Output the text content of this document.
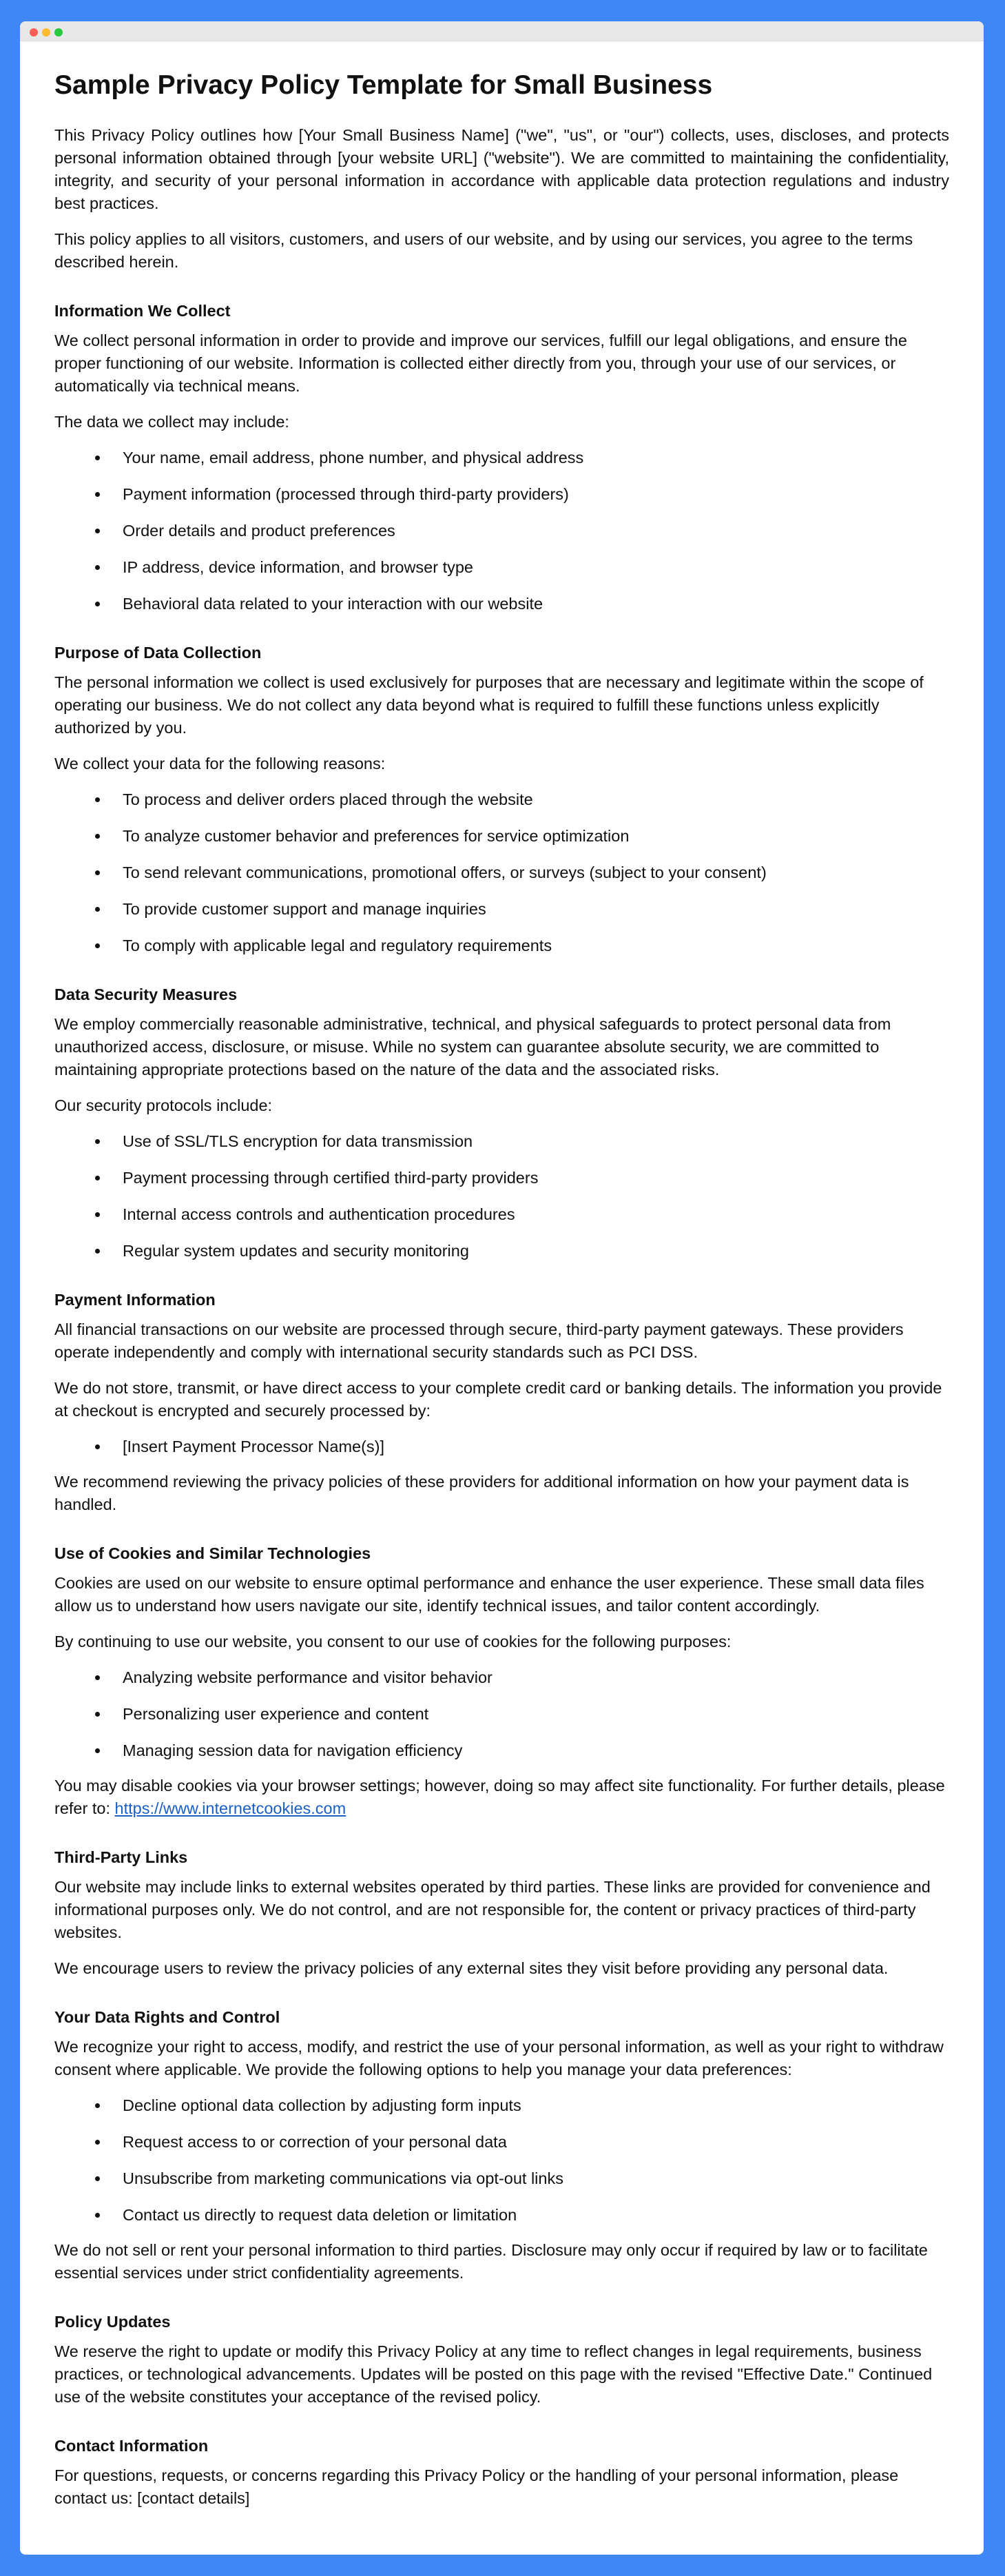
Sample Privacy Policy Template for Small Business

This Privacy Policy outlines how [Your Small Business Name] ("we", "us", or "our") collects, uses, discloses, and protects personal information obtained through [your website URL] ("website"). We are committed to maintaining the confidentiality, integrity, and security of your personal information in accordance with applicable data protection regulations and industry best practices.

This policy applies to all visitors, customers, and users of our website, and by using our services, you agree to the terms described herein.

Information We Collect

We collect personal information in order to provide and improve our services, fulfill our legal obligations, and ensure the proper functioning of our website. Information is collected either directly from you, through your use of our services, or automatically via technical means.

The data we collect may include:

Your name, email address, phone number, and physical address
Payment information (processed through third-party providers)
Order details and product preferences
IP address, device information, and browser type
Behavioral data related to your interaction with our website
Purpose of Data Collection

The personal information we collect is used exclusively for purposes that are necessary and legitimate within the scope of operating our business. We do not collect any data beyond what is required to fulfill these functions unless explicitly authorized by you.

We collect your data for the following reasons:

To process and deliver orders placed through the website
To analyze customer behavior and preferences for service optimization
To send relevant communications, promotional offers, or surveys (subject to your consent)
To provide customer support and manage inquiries
To comply with applicable legal and regulatory requirements
Data Security Measures

We employ commercially reasonable administrative, technical, and physical safeguards to protect personal data from unauthorized access, disclosure, or misuse. While no system can guarantee absolute security, we are committed to maintaining appropriate protections based on the nature of the data and the associated risks.

Our security protocols include:

Use of SSL/TLS encryption for data transmission
Payment processing through certified third-party providers
Internal access controls and authentication procedures
Regular system updates and security monitoring
Payment Information

All financial transactions on our website are processed through secure, third-party payment gateways. These providers operate independently and comply with international security standards such as PCI DSS.

We do not store, transmit, or have direct access to your complete credit card or banking details. The information you provide at checkout is encrypted and securely processed by:

[Insert Payment Processor Name(s)]

We recommend reviewing the privacy policies of these providers for additional information on how your payment data is handled.

Use of Cookies and Similar Technologies

Cookies are used on our website to ensure optimal performance and enhance the user experience. These small data files allow us to understand how users navigate our site, identify technical issues, and tailor content accordingly.

By continuing to use our website, you consent to our use of cookies for the following purposes:

Analyzing website performance and visitor behavior
Personalizing user experience and content
Managing session data for navigation efficiency

You may disable cookies via your browser settings; however, doing so may affect site functionality. For further details, please refer to: https://www.internetcookies.com

Third-Party Links

Our website may include links to external websites operated by third parties. These links are provided for convenience and informational purposes only. We do not control, and are not responsible for, the content or privacy practices of third-party websites.

We encourage users to review the privacy policies of any external sites they visit before providing any personal data.

Your Data Rights and Control

We recognize your right to access, modify, and restrict the use of your personal information, as well as your right to withdraw consent where applicable. We provide the following options to help you manage your data preferences:

Decline optional data collection by adjusting form inputs
Request access to or correction of your personal data
Unsubscribe from marketing communications via opt-out links
Contact us directly to request data deletion or limitation

We do not sell or rent your personal information to third parties. Disclosure may only occur if required by law or to facilitate essential services under strict confidentiality agreements.

Policy Updates

We reserve the right to update or modify this Privacy Policy at any time to reflect changes in legal requirements, business practices, or technological advancements. Updates will be posted on this page with the revised "Effective Date." Continued use of the website constitutes your acceptance of the revised policy.

Contact Information

For questions, requests, or concerns regarding this Privacy Policy or the handling of your personal information, please contact us: [contact details]
